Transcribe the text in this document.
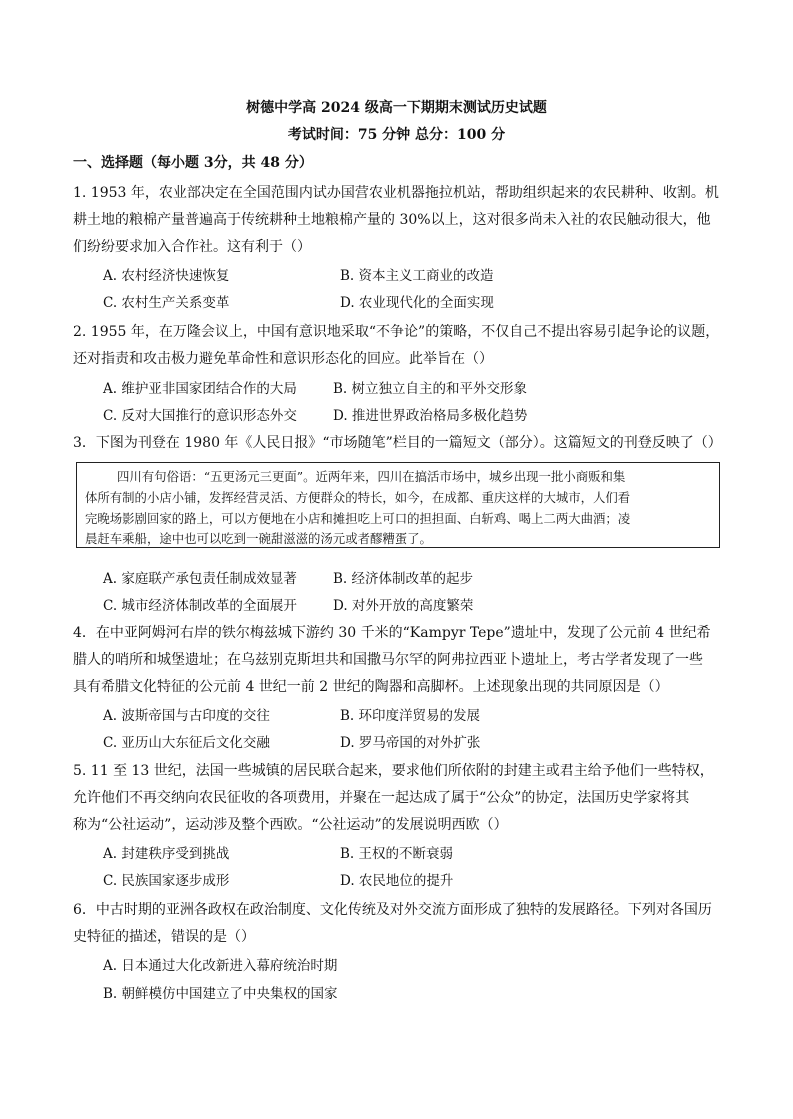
树德中学高 2024 级高一下期期末测试历史试题
考试时间：75 分钟 总分：100 分
一、选择题（每小题 3分，共 48 分）
1. 1953 年，农业部决定在全国范围内试办国营农业机器拖拉机站，帮助组织起来的农民耕种、收割。机
耕土地的粮棉产量普遍高于传统耕种土地粮棉产量的 30%以上，这对很多尚未入社的农民触动很大，他
们纷纷要求加入合作社。这有利于（）
A. 农村经济快速恢复	B. 资本主义工商业的改造
C. 农村生产关系变革	D. 农业现代化的全面实现
2. 1955 年，在万隆会议上，中国有意识地采取“不争论”的策略，不仅自己不提出容易引起争论的议题，
还对指责和攻击极力避免革命性和意识形态化的回应。此举旨在（）
A. 维护亚非国家团结合作的大局	B. 树立独立自主的和平外交形象
C. 反对大国推行的意识形态外交	D. 推进世界政治格局多极化趋势
3．下图为刊登在 1980 年《人民日报》“市场随笔”栏目的一篇短文（部分）。这篇短文的刊登反映了（）
四川有句俗语：“五更汤元三更面”。近两年来，四川在搞活市场中，城乡出现一批小商贩和集
体所有制的小店小铺，发挥经营灵活、方便群众的特长，如今，在成都、重庆这样的大城市，人们看
完晚场影剧回家的路上，可以方便地在小店和摊担吃上可口的担担面、白斩鸡、喝上二两大曲酒；凌
晨赶车乘船，途中也可以吃到一碗甜滋滋的汤元或者醪糟蛋了。
A. 家庭联产承包责任制成效显著	B. 经济体制改革的起步
C. 城市经济体制改革的全面展开	D. 对外开放的高度繁荣
4．在中亚阿姆河右岸的铁尔梅兹城下游约 30 千米的“Kampyr Tepe”遗址中，发现了公元前 4 世纪希
腊人的哨所和城堡遗址；在乌兹别克斯坦共和国撒马尔罕的阿弗拉西亚卜遗址上，考古学者发现了一些
具有希腊文化特征的公元前 4 世纪一前 2 世纪的陶器和高脚杯。上述现象出现的共同原因是（）
A. 波斯帝国与古印度的交往	B. 环印度洋贸易的发展
C. 亚历山大东征后文化交融	D. 罗马帝国的对外扩张
5. 11 至 13 世纪，法国一些城镇的居民联合起来，要求他们所依附的封建主或君主给予他们一些特权，
允许他们不再交纳向农民征收的各项费用，并聚在一起达成了属于“公众”的协定，法国历史学家将其
称为“公社运动”，运动涉及整个西欧。“公社运动”的发展说明西欧（）
A. 封建秩序受到挑战	B. 王权的不断衰弱
C. 民族国家逐步成形	D. 农民地位的提升
6．中古时期的亚洲各政权在政治制度、文化传统及对外交流方面形成了独特的发展路径。下列对各国历
史特征的描述，错误的是（）
A. 日本通过大化改新进入幕府统治时期
B. 朝鲜模仿中国建立了中央集权的国家
